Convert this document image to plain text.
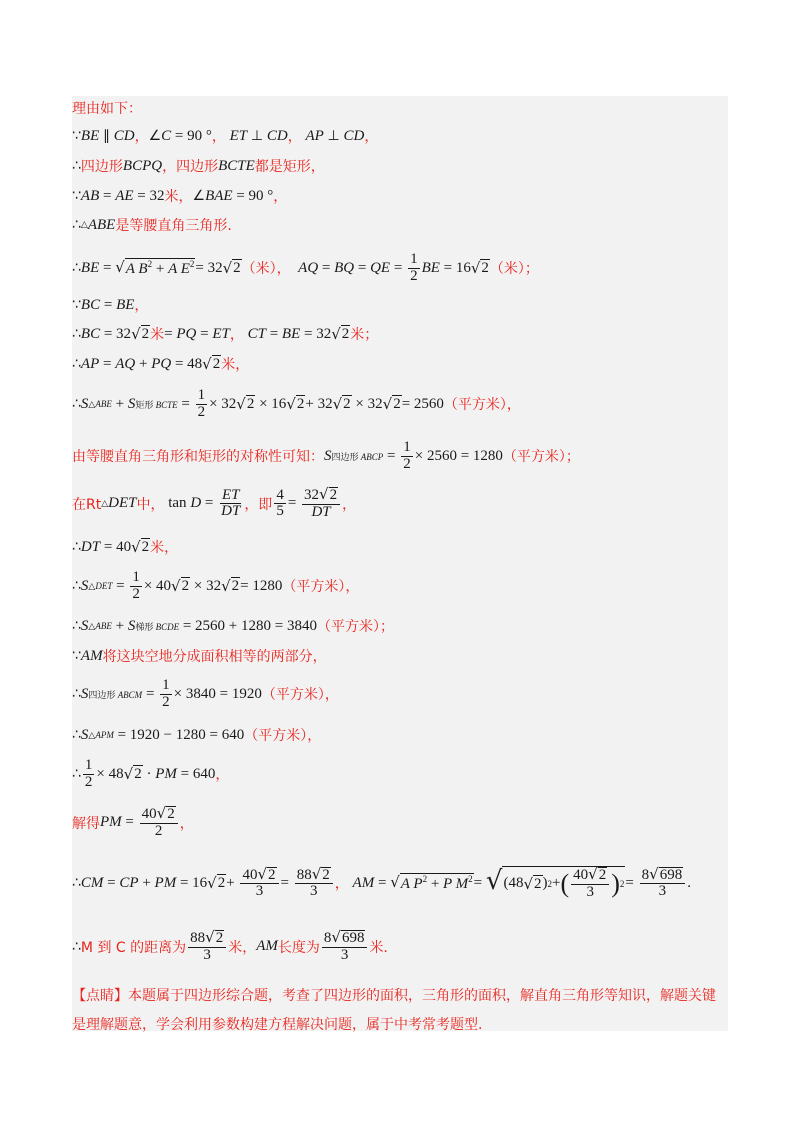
理由如下：
∵ BE
∥
CD ， ∠ C = 90 ° ，
ET
⊥
CD ，
AP
⊥
CD ，
∴ 四边形 BCPQ ，四边形 BCTE 都是矩形，
∵ AB = AE = 32 米， ∠ BAE = 90 ° ，
∴ △ ABE 是等腰直角三角形.
∴ BE = √ A $B^2 + A$ $E^2 = 32$ √ 2 （米），
AQ = BQ = QE = $\frac{1}{2}$ BE = 16 √ 2 （米）；
∵ BC = BE ，
∴ BC = 32 √ 2 米 = PQ = ET ，
CT = BE = 32 √ 2 米；
∴ AP = AQ + PQ = 48 √ 2 米，
∴ S △ABE + S 矩形 BCTE = $\frac{1}{2} \times 32$ √ 2 × 16 √ 2 + 32 √ 2 × 32 √ 2 = 2560 （平方米），
由等腰直角三角形和矩形的对称性可知： S 四边形 ABCP = $\frac{1}{2} \times 2560 = 1280$ （平方米）；
在Rt △ DET 中， $\tan D = \frac{ET}{DT}$ ，即 $\frac{4}{5} = \frac{32 √ 2}{DT}$ ，
∴ DT = 40 √ 2 米，
∴ S △DET = $\frac{1}{2} \times 40$ √ 2 × 32 √ 2 = 1280 （平方米），
∴ S △ABE + S 梯形 BCDE = 2560 + 1280 = 3840 （平方米）；
∵ AM 将这块空地分成面积相等的两部分，
∴ S 四边形 ABCM = $\frac{1}{2} \times 3840 = 1920$ （平方米），
∴ S △APM = 1920 − 1280 = 640 （平方米），
∴ $\frac{1}{2} \times 48$ √ 2 · PM = 640 ，
解得 PM = $\frac{40 √ 2}{2}$ ，
∴ CM = CP + PM = 16 √ $2 + \frac{40 √ 2}{3} = \frac{88 √ 2}{3}$ ，
AM = √ A $P^2 + P$ $M^2$ = √ (48 √ 2 ) 2 + ( $\frac{40 √ 2}{3}$ ) $2 = \frac{8 √ 698}{3}$ .
∴ M 到 C 的距离为 $\frac{88 √ 2}{3}$ 米， AM 长度为 $\frac{8 √ 698}{3}$ 米.
【点睛】本题属于四边形综合题，考查了四边形的面积，三角形的面积，解直角三角形等知识，解题关键
是理解题意，学会利用参数构建方程解决问题，属于中考常考题型.
